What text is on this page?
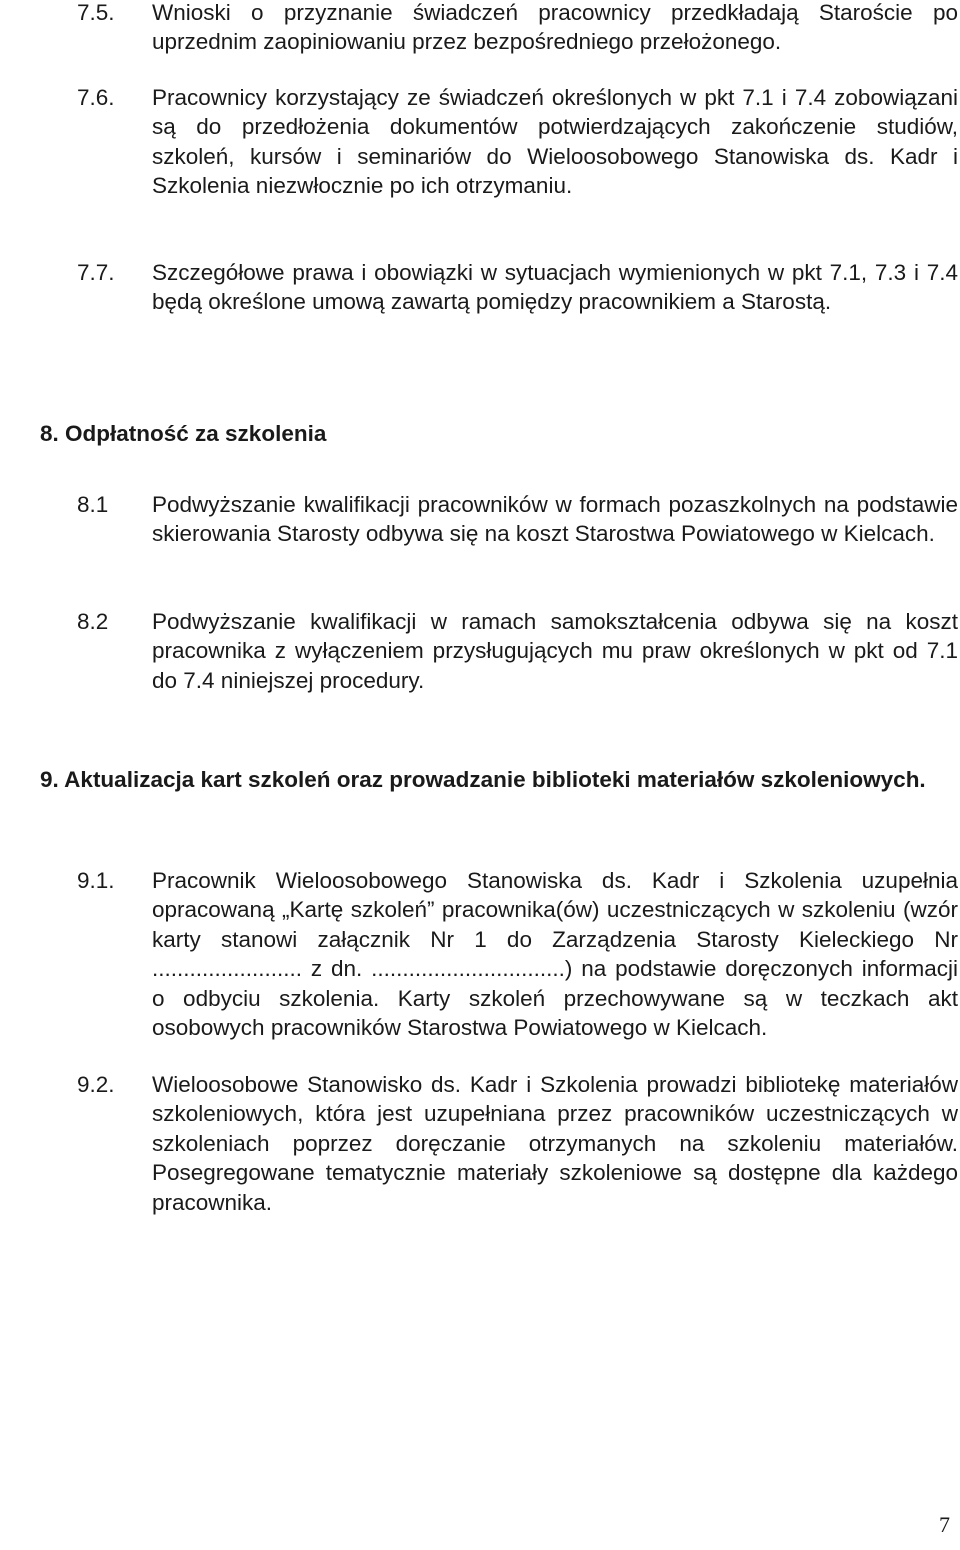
7.5. Wnioski o przyznanie świadczeń pracownicy przedkładają Staroście po uprzednim zaopiniowaniu przez bezpośredniego przełożonego.
7.6. Pracownicy korzystający ze świadczeń określonych w pkt 7.1 i 7.4 zobowiązani są do przedłożenia dokumentów potwierdzających zakończenie studiów, szkoleń, kursów i seminariów do Wieloosobowego Stanowiska ds. Kadr i Szkolenia niezwłocznie po ich otrzymaniu.
7.7. Szczegółowe prawa i obowiązki w sytuacjach wymienionych w pkt 7.1, 7.3 i 7.4 będą określone umową zawartą pomiędzy pracownikiem a Starostą.
8. Odpłatność za szkolenia
8.1 Podwyższanie kwalifikacji pracowników w formach pozaszkolnych na podstawie skierowania Starosty odbywa się na koszt Starostwa Powiatowego w Kielcach.
8.2 Podwyższanie kwalifikacji w ramach samokształcenia odbywa się na koszt pracownika z wyłączeniem przysługujących mu praw określonych w pkt od 7.1 do 7.4 niniejszej procedury.
9. Aktualizacja kart szkoleń oraz prowadzanie biblioteki materiałów szkoleniowych.
9.1. Pracownik Wieloosobowego Stanowiska ds. Kadr i Szkolenia uzupełnia opracowaną „Kartę szkoleń” pracownika(ów) uczestniczących w szkoleniu (wzór karty stanowi załącznik Nr 1 do Zarządzenia Starosty Kieleckiego Nr ........................ z dn. ...............................) na podstawie doręczonych informacji o odbyciu szkolenia. Karty szkoleń przechowywane są w teczkach akt osobowych pracowników Starostwa Powiatowego w Kielcach.
9.2. Wieloosobowe Stanowisko ds. Kadr i Szkolenia prowadzi bibliotekę materiałów szkoleniowych, która jest uzupełniana przez pracowników uczestniczących w szkoleniach poprzez doręczanie otrzymanych na szkoleniu materiałów. Posegregowane tematycznie materiały szkoleniowe są dostępne dla każdego pracownika.
7
